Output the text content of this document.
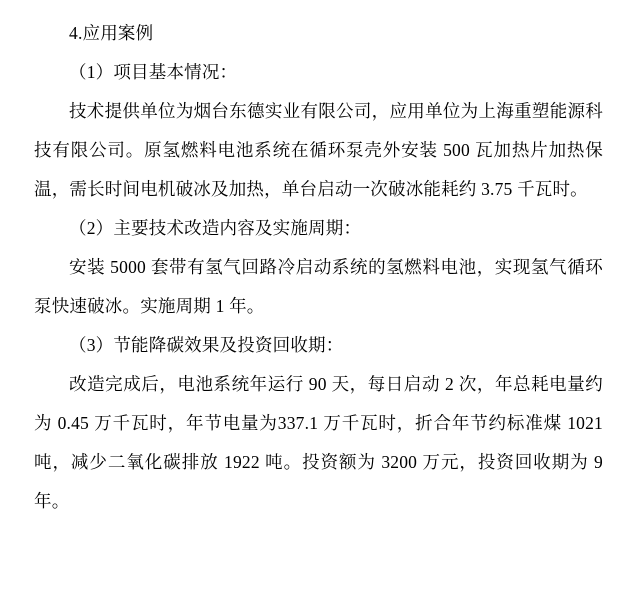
4.应用案例

（1）项目基本情况：

技术提供单位为烟台东德实业有限公司，应用单位为上海重塑能源科技有限公司。原氢燃料电池系统在循环泵壳外安装 500 瓦加热片加热保温，需长时间电机破冰及加热，单台启动一次破冰能耗约 3.75 千瓦时。

（2）主要技术改造内容及实施周期：

安装 5000 套带有氢气回路冷启动系统的氢燃料电池，实现氢气循环泵快速破冰。实施周期 1 年。

（3）节能降碳效果及投资回收期：

改造完成后，电池系统年运行 90 天，每日启动 2 次，年总耗电量约为 0.45 万千瓦时，年节电量为337.1 万千瓦时，折合年节约标准煤 1021 吨，减少二氧化碳排放 1922 吨。投资额为 3200 万元，投资回收期为 9 年。
